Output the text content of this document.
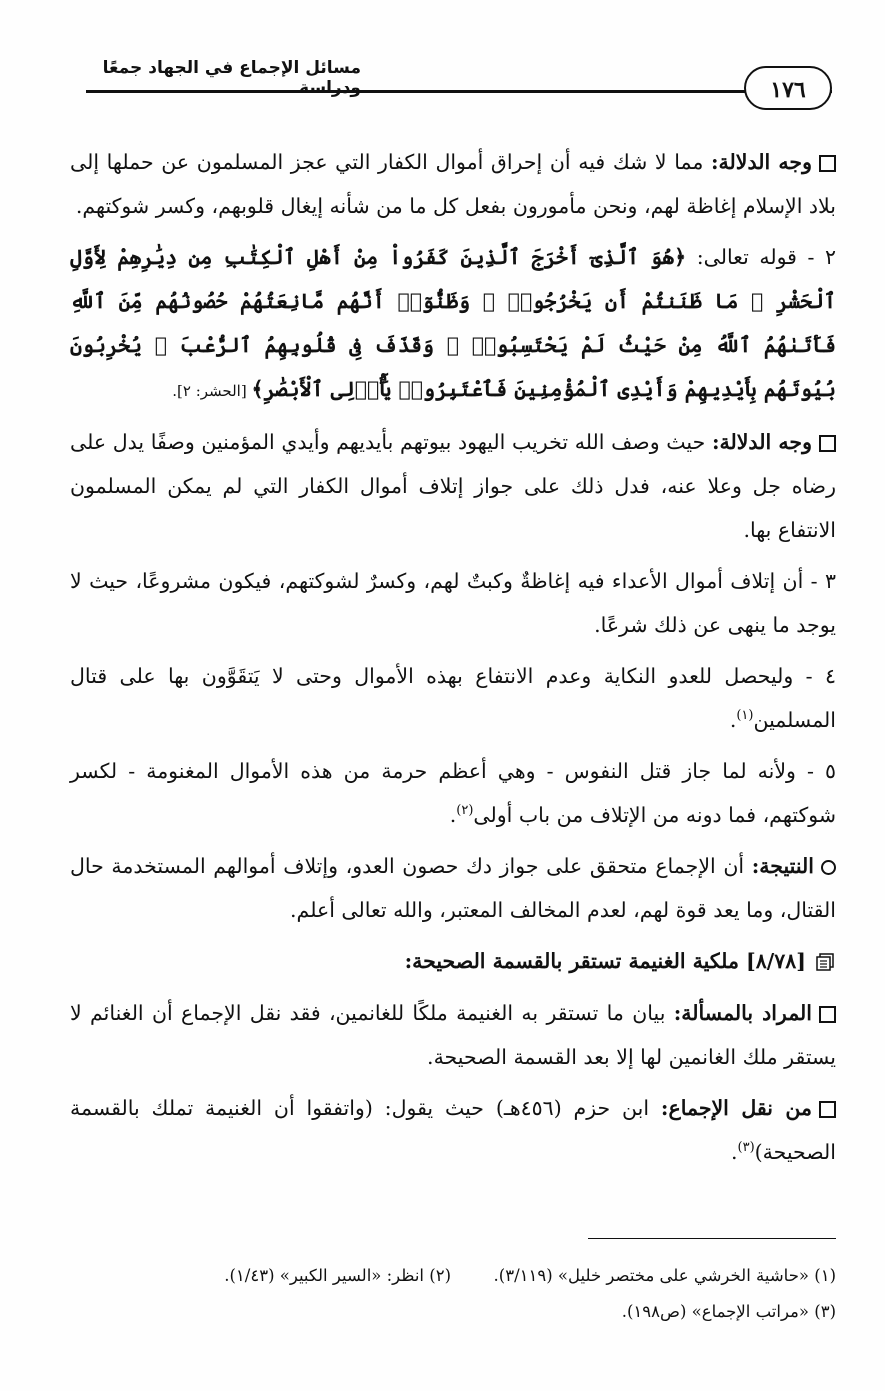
مسائل الإجماع في الجهاد جمعًا ودراسة	١٧٦

وجه الدلالة: مما لا شك فيه أن إحراق أموال الكفار التي عجز المسلمون عن حملها إلى بلاد الإسلام إغاظة لهم، ونحن مأمورون بفعل كل ما من شأنه إيغال قلوبهم، وكسر شوكتهم.

٢ - قوله تعالى: ﴿هُوَ ٱلَّذِىٓ أَخْرَجَ ٱلَّذِينَ كَفَرُواْ مِنْ أَهْلِ ٱلْكِتَٰبِ مِن دِيَٰرِهِمْ لِأَوَّلِ ٱلْحَشْرِ ۚ مَا ظَنَنتُمْ أَن يَخْرُجُوا۟ ۖ وَظَنُّوٓا۟ أَنَّهُم مَّانِعَتُهُمْ حُصُونُهُم مِّنَ ٱللَّهِ فَأَتَىٰهُمُ ٱللَّهُ مِنْ حَيْثُ لَمْ يَحْتَسِبُوا۟ ۖ وَقَذَفَ فِى قُلُوبِهِمُ ٱلرُّعْبَ ۚ يُخْرِبُونَ بُيُوتَهُم بِأَيْدِيهِمْ وَأَيْدِى ٱلْمُؤْمِنِينَ فَٱعْتَبِرُوا۟ يَٰٓأُو۟لِى ٱلْأَبْصَٰرِ﴾ [الحشر: ٢].

وجه الدلالة: حيث وصف الله تخريب اليهود بيوتهم بأيديهم وأيدي المؤمنين وصفًا يدل على رضاه جل وعلا عنه، فدل ذلك على جواز إتلاف أموال الكفار التي لم يمكن المسلمون الانتفاع بها.

٣ - أن إتلاف أموال الأعداء فيه إغاظةٌ وكبتٌ لهم، وكسرٌ لشوكتهم، فيكون مشروعًا، حيث لا يوجد ما ينهى عن ذلك شرعًا.

٤ - وليحصل للعدو النكاية وعدم الانتفاع بهذه الأموال وحتى لا يَتقَوَّون بها على قتال المسلمين$^{(١)}$.

٥ - ولأنه لما جاز قتل النفوس - وهي أعظم حرمة من هذه الأموال المغنومة - لكسر شوكتهم، فما دونه من الإتلاف من باب أولى$^{(٢)}$.

النتيجة: أن الإجماع متحقق على جواز دك حصون العدو، وإتلاف أموالهم المستخدمة حال القتال، وما يعد قوة لهم، لعدم المخالف المعتبر، والله تعالى أعلم.

[٨/٧٨] ملكية الغنيمة تستقر بالقسمة الصحيحة:

المراد بالمسألة: بيان ما تستقر به الغنيمة ملكًا للغانمين، فقد نقل الإجماع أن الغنائم لا يستقر ملك الغانمين لها إلا بعد القسمة الصحيحة.

من نقل الإجماع: ابن حزم (٤٥٦هـ) حيث يقول: (واتفقوا أن الغنيمة تملك بالقسمة الصحيحة)$^{(٣)}$.

(١) «حاشية الخرشي على مختصر خليل» (٣/١١٩).
(٢) انظر: «السير الكبير» (١/٤٣).
(٣) «مراتب الإجماع» (ص١٩٨).
